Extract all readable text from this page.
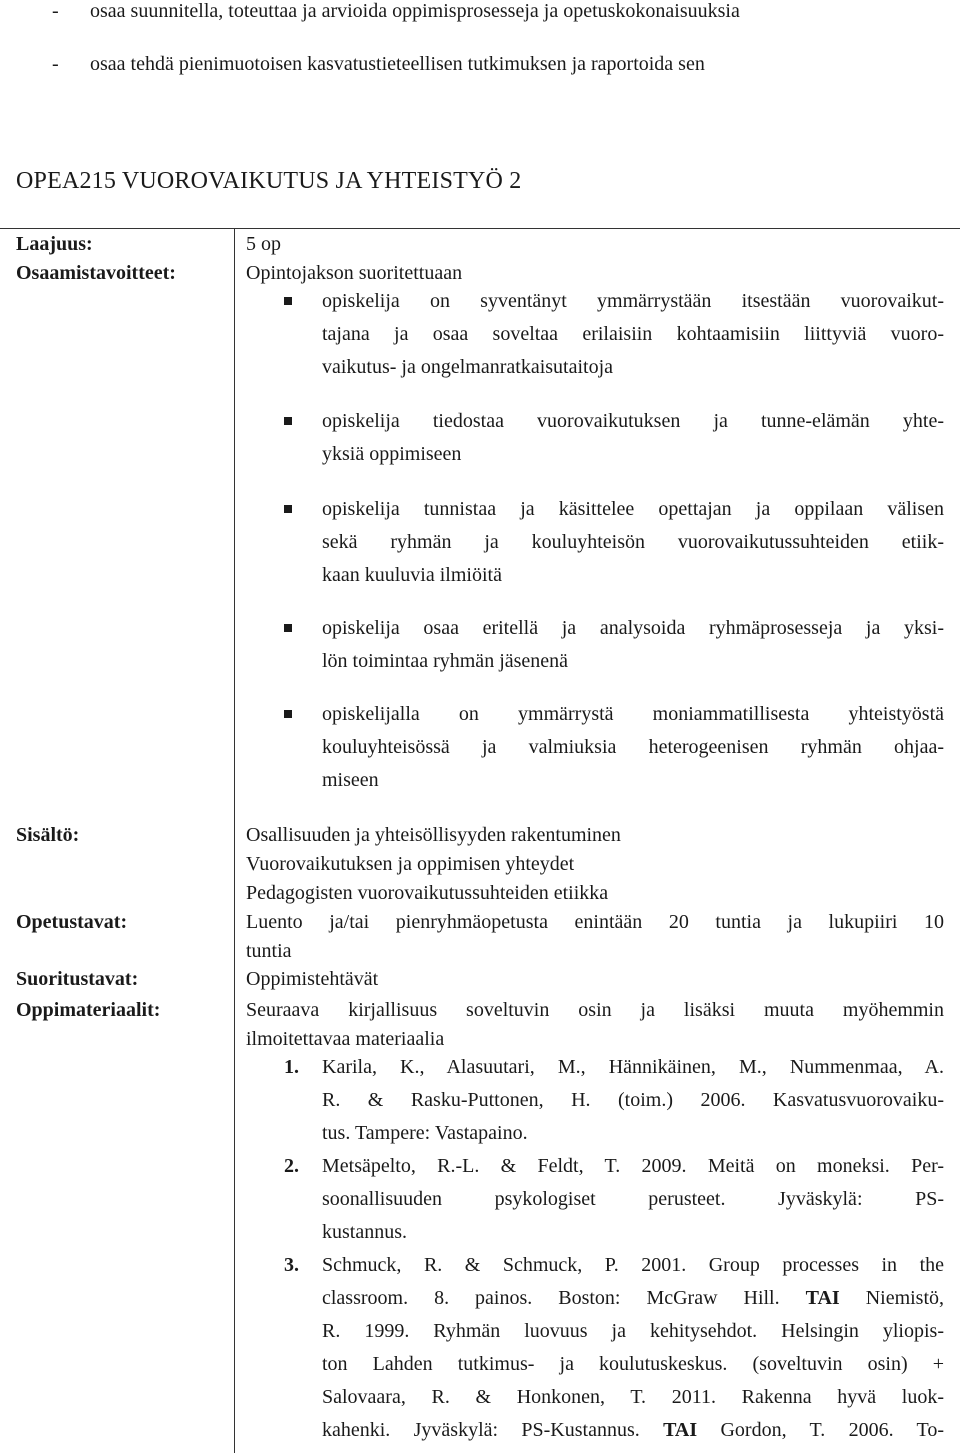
- osaa suunnitella, toteuttaa ja arvioida oppimisprosesseja ja opetuskokonaisuuksia
- osaa tehdä pienimuotoisen kasvatustieteellisen tutkimuksen ja raportoida sen
OPEA215 VUOROVAIKUTUS JA YHTEISTYÖ 2
Laajuus:	5 op
Osaamistavoitteet:	Opintojakson suoritettuaan
opiskelija on syventänyt ymmärrystään itsestään vuorovaikut-
tajana ja osaa soveltaa erilaisiin kohtaamisiin liittyviä vuoro-
vaikutus- ja ongelmanratkaisutaitoja
opiskelija tiedostaa vuorovaikutuksen ja tunne-elämän yhte-
yksiä oppimiseen
opiskelija tunnistaa ja käsittelee opettajan ja oppilaan välisen
sekä ryhmän ja kouluyhteisön vuorovaikutussuhteiden etiik-
kaan kuuluvia ilmiöitä
opiskelija osaa eritellä ja analysoida ryhmäprosesseja ja yksi-
lön toimintaa ryhmän jäsenenä
opiskelijalla on ymmärrystä moniammatillisesta yhteistyöstä
kouluyhteisössä ja valmiuksia heterogeenisen ryhmän ohjaa-
miseen
Sisältö:	Osallisuuden ja yhteisöllisyyden rakentuminen
Vuorovaikutuksen ja oppimisen yhteydet
Pedagogisten vuorovaikutussuhteiden etiikka
Opetustavat:	Luento ja/tai pienryhmäopetusta enintään 20 tuntia ja lukupiiri 10
tuntia
Suoritustavat:	Oppimistehtävät
Oppimateriaalit:	Seuraava kirjallisuus soveltuvin osin ja lisäksi muuta myöhemmin
ilmoitettavaa materiaalia
1. Karila, K., Alasuutari, M., Hännikäinen, M., Nummenmaa, A.
R. & Rasku-Puttonen, H. (toim.) 2006. Kasvatusvuorovaiku-
tus. Tampere: Vastapaino.
2. Metsäpelto, R.-L. & Feldt, T. 2009. Meitä on moneksi. Per-
soonallisuuden psykologiset perusteet. Jyväskylä: PS-
kustannus.
3. Schmuck, R. & Schmuck, P. 2001. Group processes in the
classroom. 8. painos. Boston: McGraw Hill. TAI Niemistö,
R. 1999. Ryhmän luovuus ja kehitysehdot. Helsingin yliopis-
ton Lahden tutkimus- ja koulutuskeskus. (soveltuvin osin) +
Salovaara, R. & Honkonen, T. 2011. Rakenna hyvä luok-
kahenki. Jyväskylä: PS-Kustannus. TAI Gordon, T. 2006. To-
